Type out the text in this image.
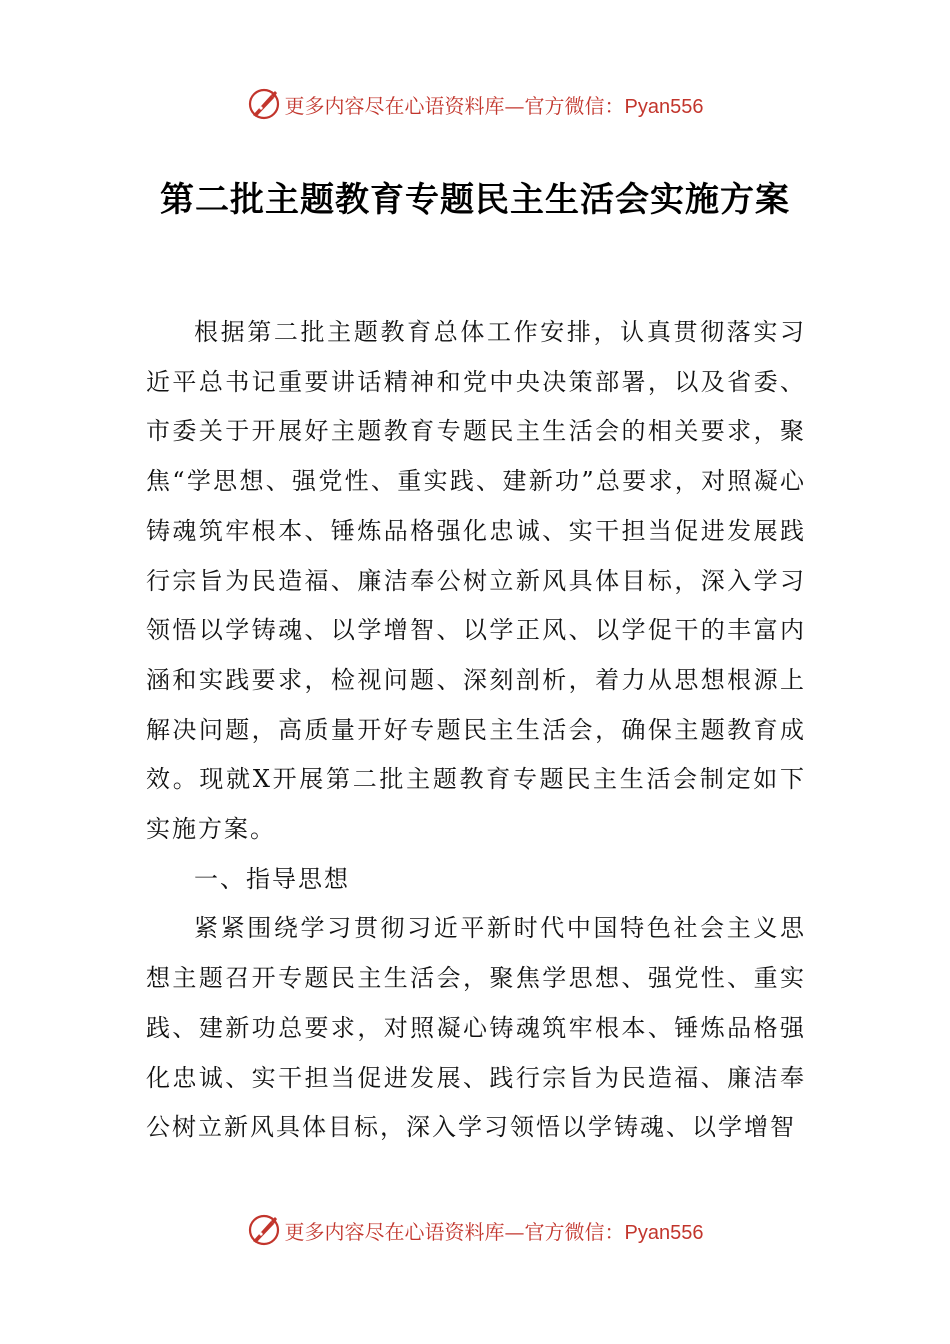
更多内容尽在心语资料库—官方微信：Pyan556
第二批主题教育专题民主生活会实施方案

根据第二批主题教育总体工作安排，认真贯彻落实习近平总书记重要讲话精神和党中央决策部署，以及省委、市委关于开展好主题教育专题民主生活会的相关要求，聚焦“学思想、强党性、重实践、建新功”总要求，对照凝心铸魂筑牢根本、锤炼品格强化忠诚、实干担当促进发展践行宗旨为民造福、廉洁奉公树立新风具体目标，深入学习领悟以学铸魂、以学增智、以学正风、以学促干的丰富内涵和实践要求，检视问题、深刻剖析，着力从思想根源上解决问题，高质量开好专题民主生活会，确保主题教育成效。现就X开展第二批主题教育专题民主生活会制定如下实施方案。

一、指导思想

紧紧围绕学习贯彻习近平新时代中国特色社会主义思想主题召开专题民主生活会，聚焦学思想、强党性、重实践、建新功总要求，对照凝心铸魂筑牢根本、锤炼品格强化忠诚、实干担当促进发展、践行宗旨为民造福、廉洁奉公树立新风具体目标，深入学习领悟以学铸魂、以学增智

更多内容尽在心语资料库—官方微信：Pyan556
